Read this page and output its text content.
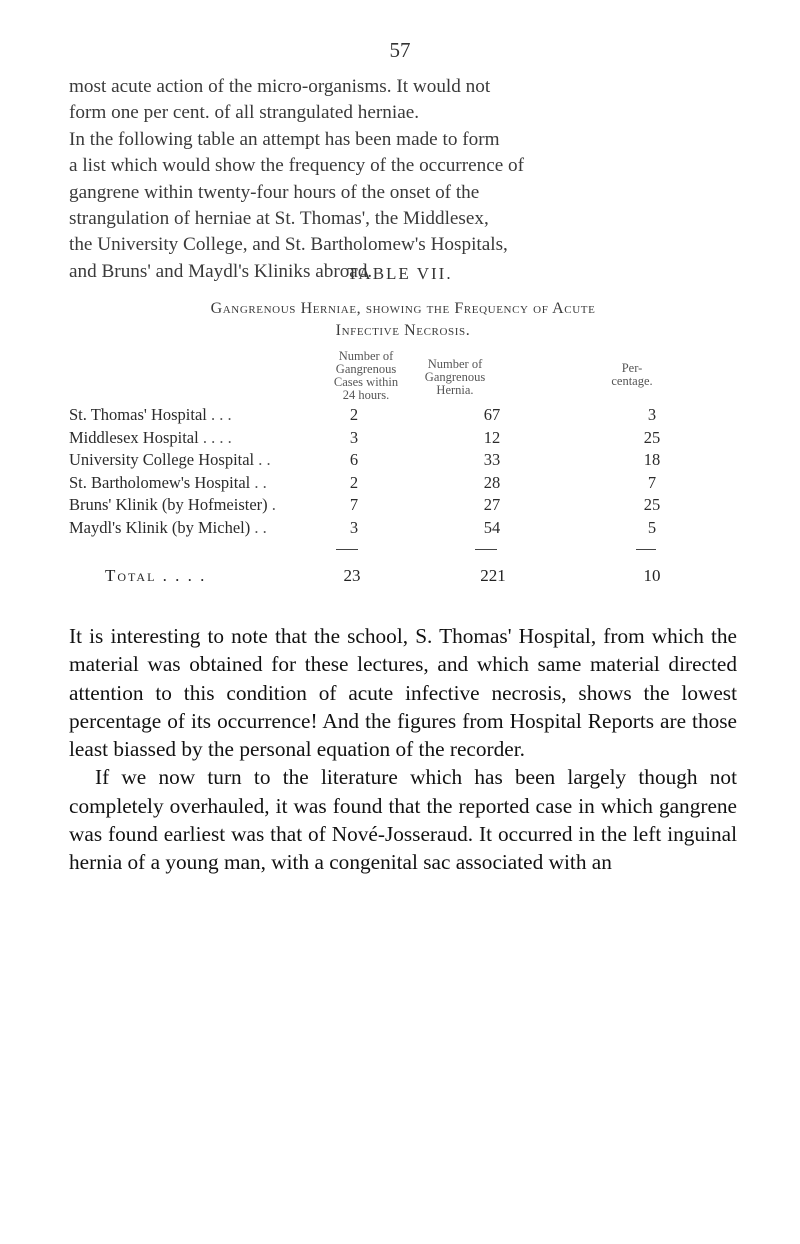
57

most acute action of the micro-organisms. It would not

form one per cent. of all strangulated herniae.

In the following table an attempt has been made to form

a list which would show the frequency of the occurrence of

gangrene within twenty-four hours of the onset of the

strangulation of herniae at St. Thomas', the Middlesex,

the University College, and St. Bartholomew's Hospitals,

and Bruns' and Maydl's Kliniks abroad.

TABLE VII.
Gangrenous Herniae, showing the Frequency of Acute
Infective Necrosis.
Number of
Gangrenous
Cases within
24 hours.
Number of
Gangrenous
Hernia.
Per-
centage.
St. Thomas' Hospital . . .	2	67	3
Middlesex Hospital . . . .	3	12	25
University College Hospital . .	6	33	18
St. Bartholomew's Hospital . .	2	28	7
Bruns' Klinik (by Hofmeister) .	7	27	25
Maydl's Klinik (by Michel) . .	3	54	5
Total . . . .	23	221	10

It is interesting to note that the school, S. Thomas' Hospital, from which the material was obtained for these lectures, and which same material directed attention to this condition of acute infective necrosis, shows the lowest percentage of its occurrence! And the figures from Hospital Reports are those least biassed by the personal equation of the recorder.

If we now turn to the literature which has been largely though not completely overhauled, it was found that the reported case in which gangrene was found earliest was that of Nové-Josseraud. It occurred in the left inguinal hernia of a young man, with a congenital sac associated with an
